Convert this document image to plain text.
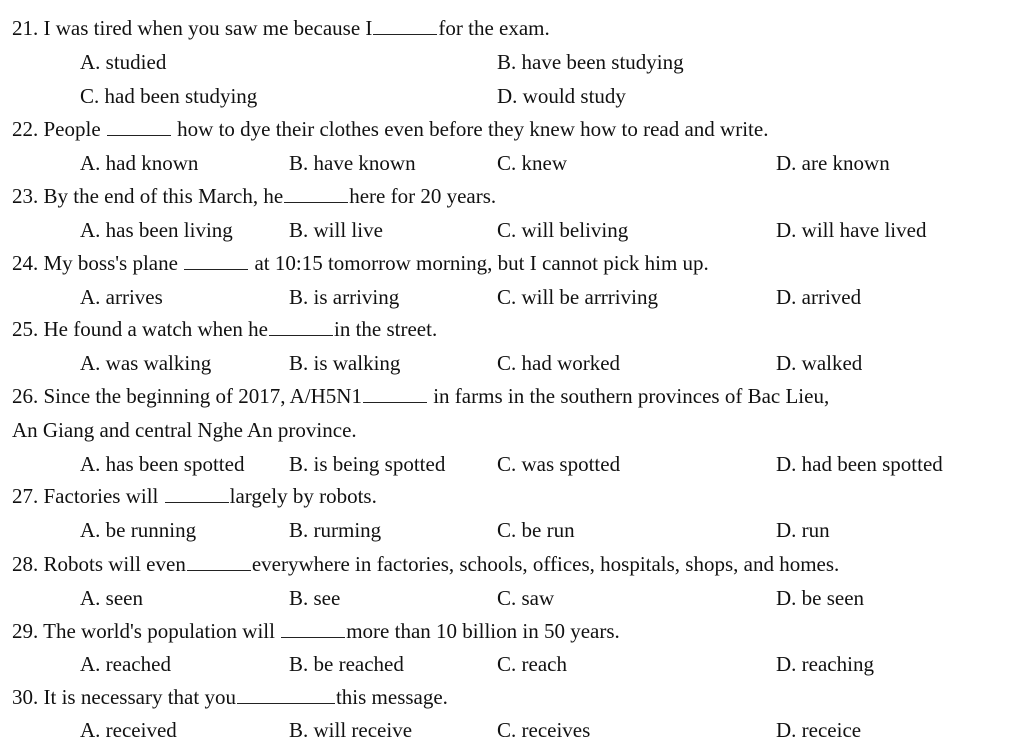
21. I was tired when you saw me because I	for the exam.
A. studied	B. have been studying
C. had been studying	D. would study
22. People	how to dye their clothes even before they knew how to read and write.
A. had known	B. have known	C. knew	D. are known
23. By the end of this March, he	here for 20 years.
A. has been living	B. will live	C. will beliving	D. will have lived
24. My boss's plane	at 10:15 tomorrow morning, but I cannot pick him up.
A. arrives	B. is arriving	C. will be arrriving	D. arrived
25. He found a watch when he	in the street.
A. was walking	B. is walking	C. had worked	D. walked
26. Since the beginning of 2017, A/H5N1	in farms in the southern provinces of Bac Lieu,
An Giang and central Nghe An province.
A. has been spotted B. is being spotted C. was spotted	D. had been spotted
27. Factories will	largely by robots.
A. be running	B. rurming	C. be run	D. run
28. Robots will even	everywhere in factories, schools, offices, hospitals, shops, and homes.
A. seen	B. see	C. saw	D. be seen
29. The world's population will	more than 10 billion in 50 years.
A. reached	B. be reached	C. reach	D. reaching
30. It is necessary that you	this message.
A. received	B. will receive	C. receives	D. receice
